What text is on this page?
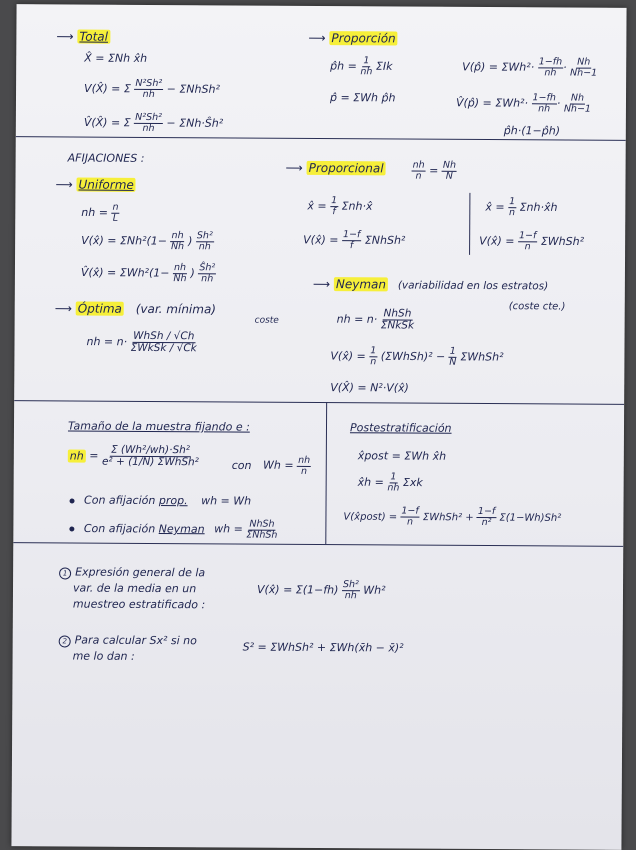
⟶ Total
X̂ = ΣNh x̂h
V(X̂) = Σ $\frac{\text{N²Sh²}}{nh}$ − ΣNhSh²
V̂(X̂) = Σ $\frac{\text{N²Sh²}}{nh}$ − ΣNh·Ŝh²
⟶ Proporción
p̂h = $\frac{1}{nh}$ ΣIk
p̂ = ΣWh p̂h
V(p̂) = $\Sigma Wh^2\cdot \frac{1-fh}{nh} \cdot \frac{Nh}{Nh-1}$
V̂(p̂) = $\Sigma Wh^2\cdot \frac{1-fh}{nh} \cdot \frac{Nh}{Nh-1}$
p̂h·(1−p̂h)
AFIJACIONES :
⟶ Uniforme
nh = $\frac{n}{L}$
V(x̂) = $\Sigma Nh^2(1- \frac{nh}{Nh}$ ) $\frac{\text{Sh²}}{nh}$
V̂(x̂) = $\Sigma Wh^2(1- \frac{nh}{Nh}$ ) $\frac{\text{Ŝh²}}{nh}$
⟶ Óptima (var. mínima)
coste
nh = $n\cdot \frac{\text{WhSh / √Ch}}{\text{ΣWkSk / √Ck}}$
⟶ Proporcional	$\frac{nh}{n} = \frac{Nh}{N}$
x̂ = $\frac{1}{f}$ Σnh·x̂
V(x̂) = $\frac{1-f}{f}$ ΣNhSh²
x̂ = $\frac{1}{n}$ Σnh·x̂h
V(x̂) = $\frac{1-f}{n}$ ΣWhSh²
⟶ Neyman (variabilidad en los estratos)
(coste cte.)
nh = $n\cdot \frac{\text{NhSh}}{\text{ΣNkSk}}$
V(x̂) = $\frac{1}{n}$ (ΣWhSh)² − $\frac{1}{N}$ ΣWhSh²
V(X̂) = N²·V(x̂)
Tamaño de la muestra fijando e :
nh = $\frac{\text{Σ (Wh²/wh)·Sh²}}{\text{e² + (1/N) ΣWhSh²}}$	con $Wh = \frac{nh}{n}$
Con afijación prop. wh = Wh
Con afijación Neyman wh = $\frac{\text{NhSh}}{\text{ΣNhSh}}$
Postestratificación
x̂post = ΣWh x̂h
x̂h = $\frac{1}{nh}$ Σxk
V(x̂post) = $\frac{1-f}{n}$ ΣWhSh² + $\frac{1-f}{\text{n²}} \Sigma(1-Wh)Sh^2$
1 Expresión general de la
var. de la media en un
muestreo estratificado :
V(x̂) = $\Sigma(1-fh) \frac{\text{Sh²}}{nh} Wh^2$
2 Para calcular Sx² si no
me lo dan :
S² = ΣWhSh² + ΣWh(x̄h − x̄)²
